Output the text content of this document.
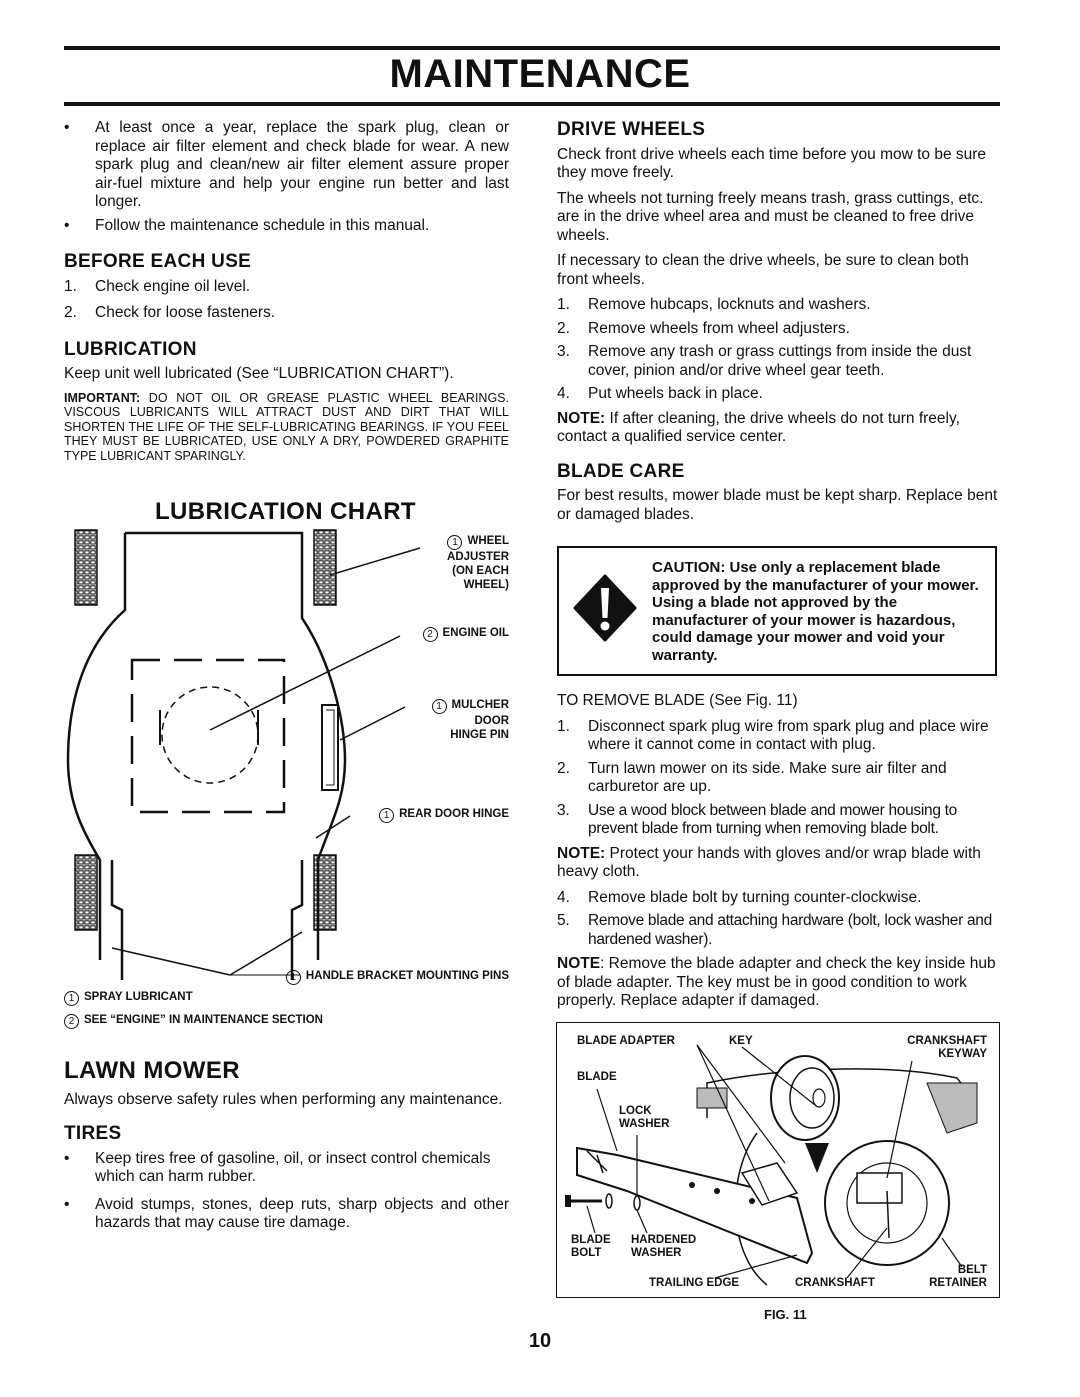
MAINTENANCE
• At least once a year, replace the spark plug, clean or replace air filter element and check blade for wear. A new spark plug and clean/new air filter element assure proper air-fuel mixture and help your engine run better and last longer.
• Follow the maintenance schedule in this manual.
BEFORE EACH USE
1. Check engine oil level.
2. Check for loose fasteners.
LUBRICATION

Keep unit well lubricated (See “LUBRICATION CHART”).

IMPORTANT: DO NOT OIL OR GREASE PLASTIC WHEEL BEARINGS. VISCOUS LUBRICANTS WILL ATTRACT DUST AND DIRT THAT WILL SHORTEN THE LIFE OF THE SELF-LUBRICATING BEARINGS. IF YOU FEEL THEY MUST BE LUBRICATED, USE ONLY A DRY, POWDERED GRAPHITE TYPE LUBRICANT SPARINGLY.

LUBRICATION CHART
1 WHEEL
ADJUSTER
(ON EACH
WHEEL)
2 ENGINE OIL
1 MULCHER
DOOR
HINGE PIN
1 REAR DOOR HINGE
1 HANDLE BRACKET MOUNTING PINS
1 SPRAY LUBRICANT
2 SEE “ENGINE” IN MAINTENANCE SECTION
LAWN MOWER

Always observe safety rules when performing any maintenance.

TIRES
• Keep tires free of gasoline, oil, or insect control chemicals which can harm rubber.
• Avoid stumps, stones, deep ruts, sharp objects and other hazards that may cause tire damage.
DRIVE WHEELS

Check front drive wheels each time before you mow to be sure they move freely.

The wheels not turning freely means trash, grass cuttings, etc. are in the drive wheel area and must be cleaned to free drive wheels.

If necessary to clean the drive wheels, be sure to clean both front wheels.

1. Remove hubcaps, locknuts and washers.
2. Remove wheels from wheel adjusters.
3. Remove any trash or grass cuttings from inside the dust cover, pinion and/or drive wheel gear teeth.
4. Put wheels back in place.

NOTE: If after cleaning, the drive wheels do not turn freely, contact a qualified service center.

BLADE CARE

For best results, mower blade must be kept sharp. Replace bent or damaged blades.

CAUTION: Use only a replacement blade approved by the manufacturer of your mower. Using a blade not approved by the manufacturer of your mower is hazardous, could damage your mower and void your warranty.

TO REMOVE BLADE (See Fig. 11)

1. Disconnect spark plug wire from spark plug and place wire where it cannot come in contact with plug.
2. Turn lawn mower on its side. Make sure air filter and carburetor are up.
3. Use a wood block between blade and mower housing to prevent blade from turning when removing blade bolt.

NOTE: Protect your hands with gloves and/or wrap blade with heavy cloth.

4. Remove blade bolt by turning counter-clockwise.
5. Remove blade and attaching hardware (bolt, lock washer and hardened washer).

NOTE: Remove the blade adapter and check the key inside hub of blade adapter. The key must be in good condition to work properly. Replace adapter if damaged.

BLADE ADAPTER	KEY	CRANKSHAFT
KEYWAY
BLADE
LOCK
WASHER
BLADE
BOLT
HARDENED
WASHER
BELT
RETAINER
TRAILING EDGE	CRANKSHAFT
FIG. 11
10
